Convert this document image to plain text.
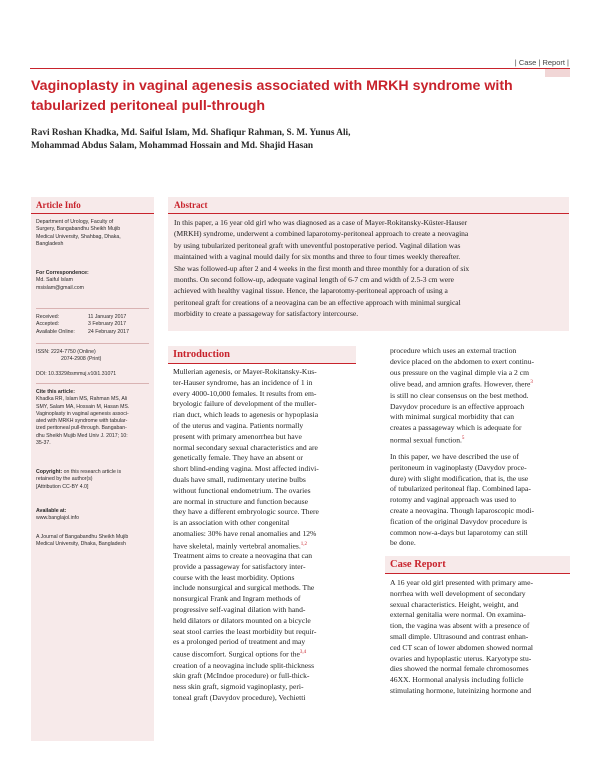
| Case | Report |
Vaginoplasty in vaginal agenesis associated with MRKH syndrome with
tabularized peritoneal pull-through
Ravi Roshan Khadka, Md. Saiful Islam, Md. Shafiqur Rahman, S. M. Yunus Ali,
Mohammad Abdus Salam, Mohammad Hossain and Md. Shajid Hasan
Article Info
Department of Urology, Faculty of
Surgery, Bangabandhu Sheikh Mujib
Medical University, Shahbag, Dhaka,
Bangladesh
For Correspondence:
Md. Saiful Islam
msislam@gmail.com
Received:	11 January 2017
Accepted:	3 February 2017
Available Online:	24 February 2017
ISSN: 2224-7750 (Online)
2074-2908 (Print)
DOI: 10.3329/bsmmuj.v10i1.31071
Cite this article:
Khadka RR, Islam MS, Rahman MS, Ali
SMY, Salam MA, Hossain M, Hasan MS.
Vaginoplasty in vaginal agenesis associ-
ated with MRKH syndrome with tabular-
ized peritoneal pull-through. Bangaban-
dhu Sheikh Mujib Med Univ J. 2017; 10:
35-37.
Copyright: on this research article is
retained by the author(s)
[Attribution CC-BY 4.0]
Available at:
www.banglajol.info
A Journal of Bangabandhu Sheikh Mujib
Medical University, Dhaka, Bangladesh
Abstract
In this paper, a 16 year old girl who was diagnosed as a case of Mayer-Rokitansky-Küster-Hauser
(MRKH) syndrome, underwent a combined laparotomy-peritoneal approach to create a neovagina
by using tubularized peritoneal graft with uneventful postoperative period. Vaginal dilation was
maintained with a vaginal mould daily for six months and three to four times weekly thereafter.
She was followed-up after 2 and 4 weeks in the first month and three monthly for a duration of six
months. On second follow-up, adequate vaginal length of 6-7 cm and width of 2.5-3 cm were
achieved with healthy vaginal tissue. Hence, the laparotomy-peritoneal approach of using a
peritoneal graft for creations of a neovagina can be an effective approach with minimal surgical
morbidity to create a passageway for satisfactory intercourse.
Introduction
Mullerian agenesis, or Mayer-Rokitansky-Kus-
ter-Hauser syndrome, has an incidence of 1 in
every 4000-10,000 females. It results from em-
bryologic failure of development of the muller-
rian duct, which leads to agenesis or hypoplasia
of the uterus and vagina. Patients normally
present with primary amenorrhea but have
normal secondary sexual characteristics and are
genetically female. They have an absent or
short blind-ending vagina. Most affected indivi-
duals have small, rudimentary uterine bulbs
without functional endometrium. The ovaries
are normal in structure and function because
they have a different embryologic source. There
is an association with other congenital
anomalies: 30% have renal anomalies and 12%
have skeletal, mainly vertebral anomalies.$^{1,2}$
Treatment aims to create a neovagina that can
provide a passageway for satisfactory inter-
course with the least morbidity. Options
include nonsurgical and surgical methods. The
nonsurgical Frank and Ingram methods of
progressive self-vaginal dilation with hand-
held dilators or dilators mounted on a bicycle
seat stool carries the least morbidity but requir-
es a prolonged period of treatment and may
cause discomfort. Surgical options for the$^{3,4}$
creation of a neovagina include split-thickness
skin graft (McIndoe procedure) or full-thick-
ness skin graft, sigmoid vaginoplasty, peri-
toneal graft (Davydov procedure), Vechietti
procedure which uses an external traction
device placed on the abdomen to exert continu-
ous pressure on the vaginal dimple via a 2 cm
olive bead, and amnion grafts. However, there$^3$
is still no clear consensus on the best method.
Davydov procedure is an effective approach
with minimal surgical morbidity that can
creates a passageway which is adequate for
normal sexual function.$^5$
In this paper, we have described the use of
peritoneum in vaginoplasty (Davydov proce-
dure) with slight modification, that is, the use
of tubularized peritoneal flap. Combined lapa-
rotomy and vaginal approach was used to
create a neovagina. Though laparoscopic modi-
fication of the original Davydov procedure is
common now-a-days but laparotomy can still
be done.
Case Report
A 16 year old girl presented with primary ame-
norrhea with well development of secondary
sexual characteristics. Height, weight, and
external genitalia were normal. On examina-
tion, the vagina was absent with a presence of
small dimple. Ultrasound and contrast enhan-
ced CT scan of lower abdomen showed normal
ovaries and hypoplastic uterus. Karyotype stu-
dies showed the normal female chromosomes
46XX. Hormonal analysis including follicle
stimulating hormone, luteinizing hormone and
